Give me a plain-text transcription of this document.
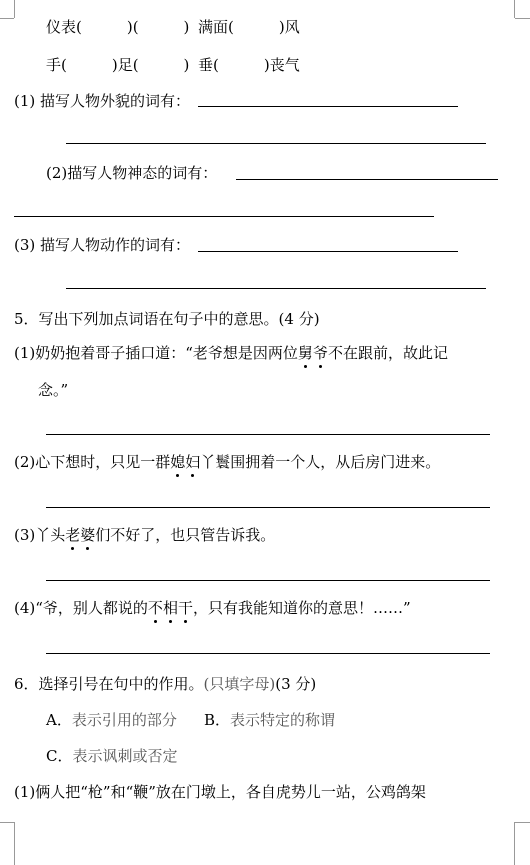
仪表(　　　)(　　　) 满面(　　　)风
手(　　　)足(　　　) 垂(　　　)丧气
(1) 描写人物外貌的词有：
(2)描写人物神态的词有：
(3) 描写人物动作的词有：
5．写出下列加点词语在句子中的意思。(4 分)
(1)奶奶抱着哥子插口道：“老爷想是因两位舅爷不在跟前，故此记
念。”
(2)心下想时，只见一群媳妇丫鬟围拥着一个人，从后房门进来。
(3)丫头老婆们不好了，也只管告诉我。
(4)“爷，别人都说的不相干，只有我能知道你的意思！……”
6．选择引号在句中的作用。(只填字母)(3 分)
A．表示引用的部分 B．表示特定的称谓
C．表示讽刺或否定
(1)俩人把“枪”和“鞭”放在门墩上，各自虎势儿一站，公鸡鸽架
